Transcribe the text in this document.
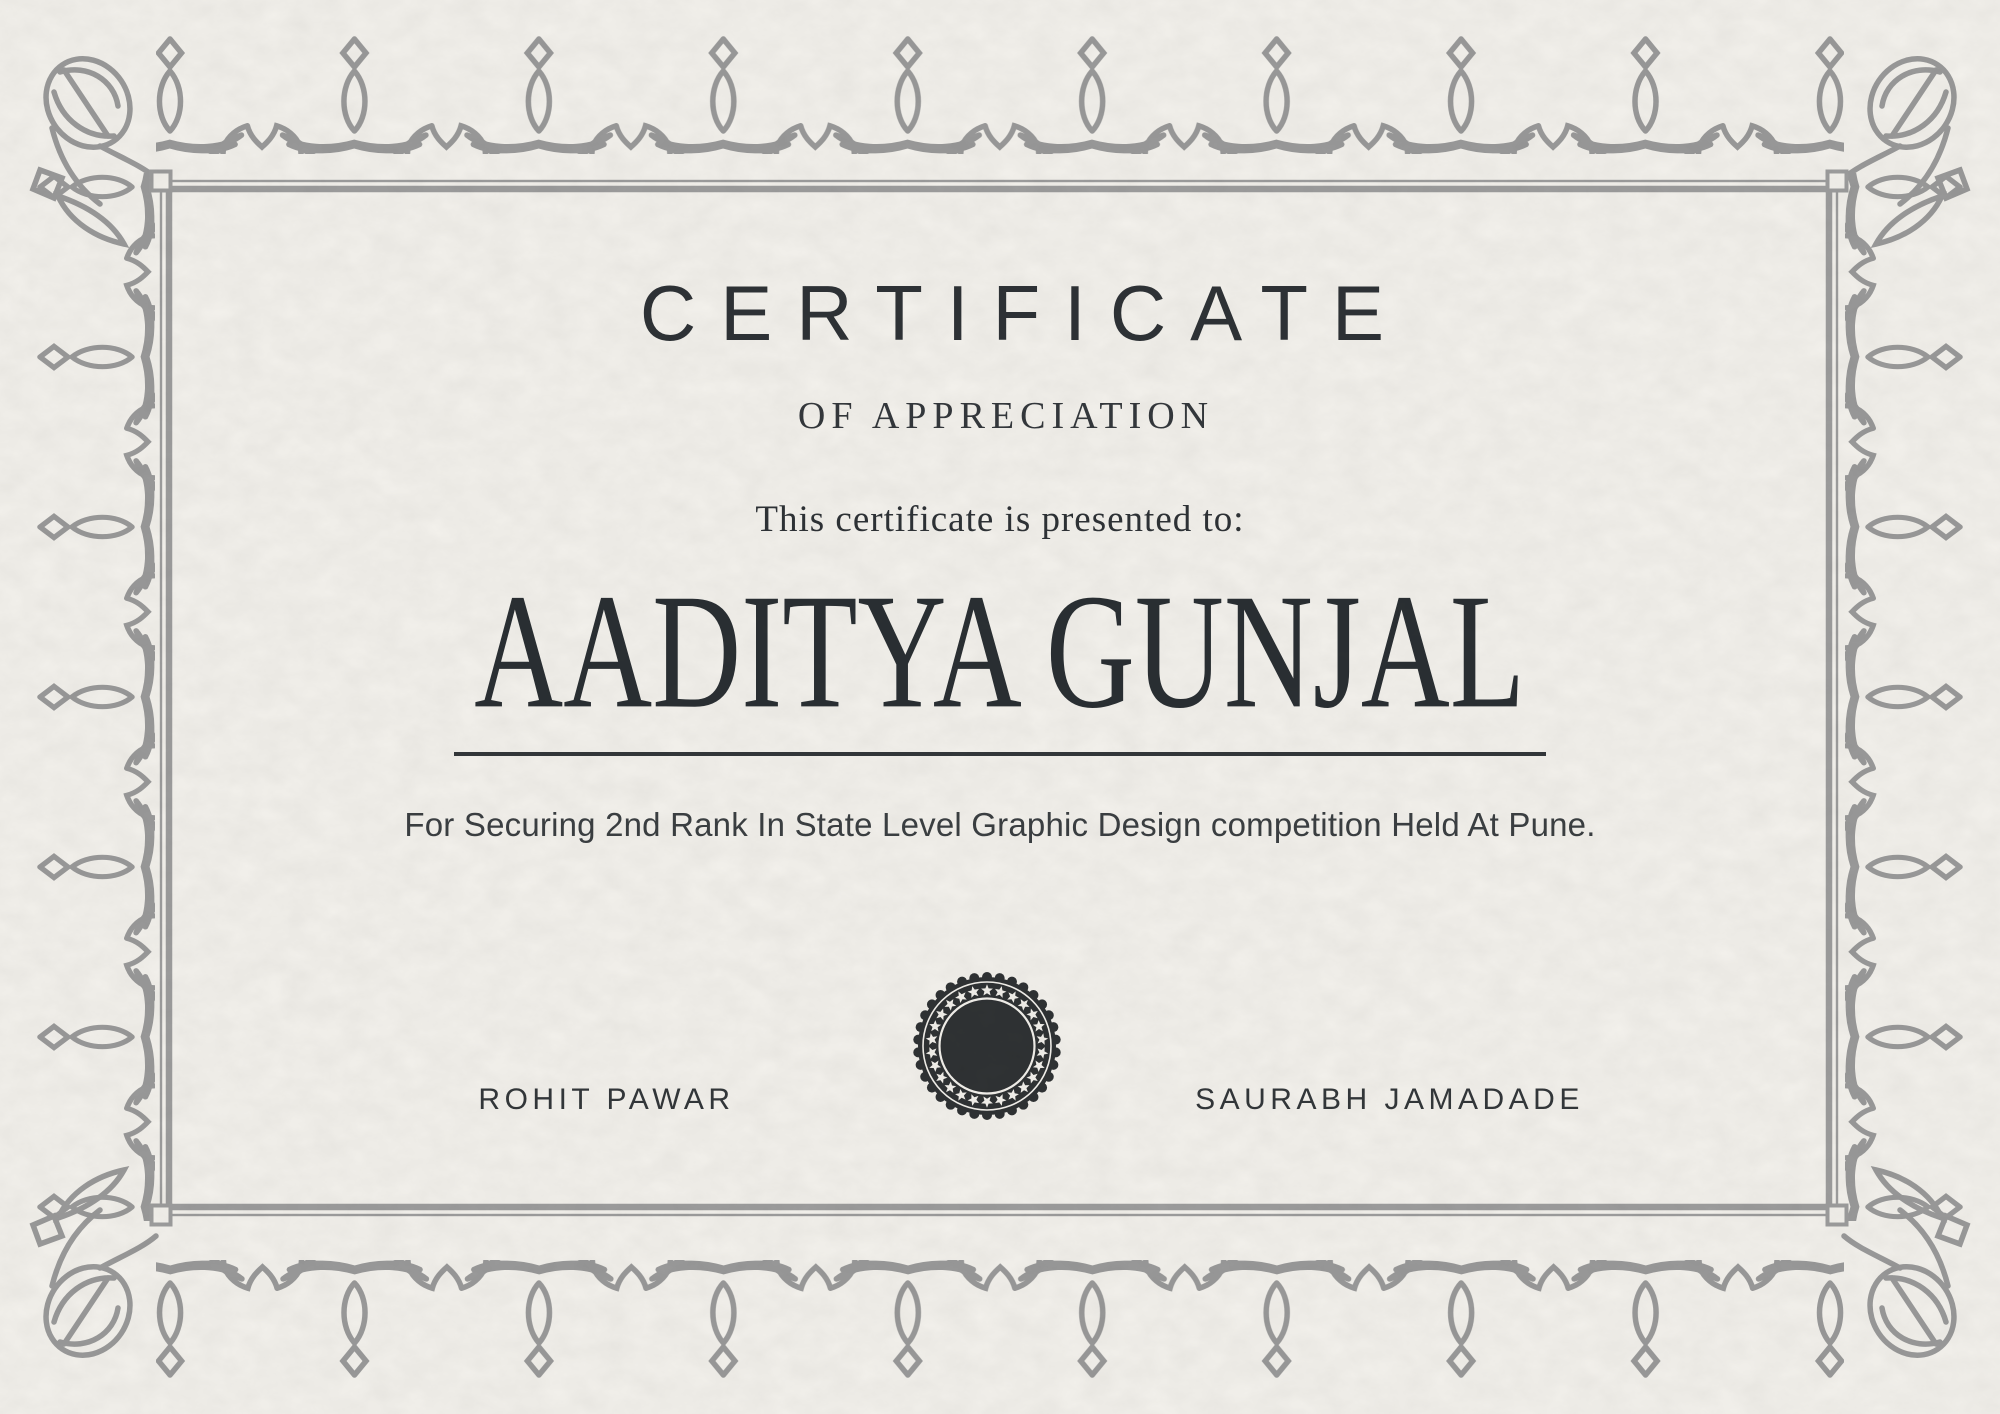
CERTIFICATE
OF APPRECIATION
This certificate is presented to:
AADITYA GUNJAL
For Securing 2nd Rank In State Level Graphic Design competition Held At Pune.
ROHIT PAWAR	SAURABH JAMADADE
